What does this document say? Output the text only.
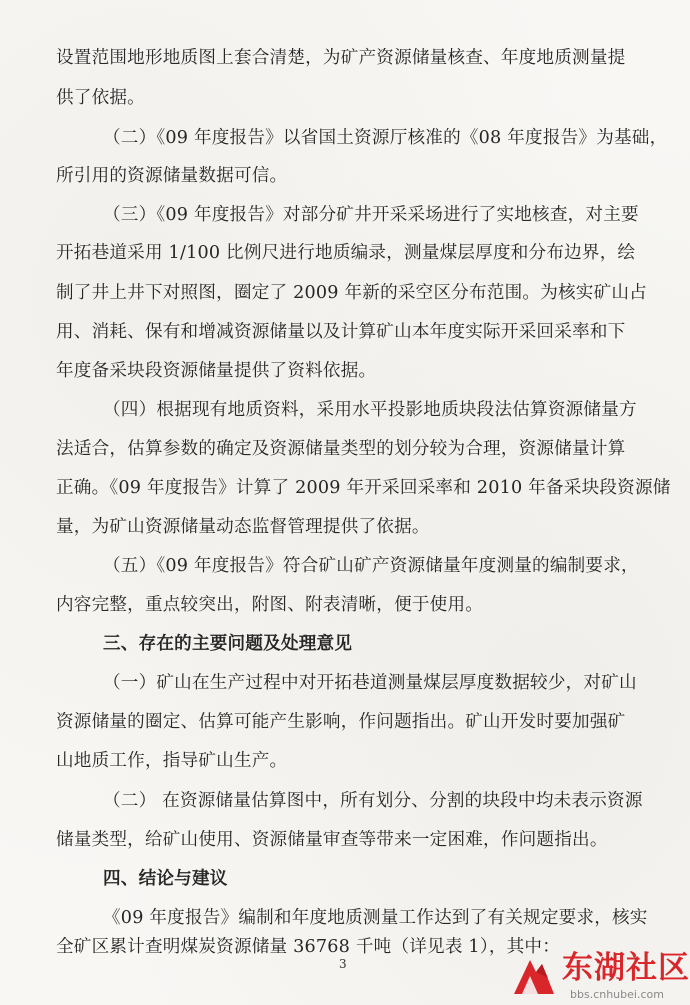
设置范围地形地质图上套合清楚，为矿产资源储量核查、年度地质测量提
供了依据。
（二）《09 年度报告》以省国土资源厅核准的《08 年度报告》为基础，
所引用的资源储量数据可信。
（三）《09 年度报告》对部分矿井开采采场进行了实地核查，对主要
开拓巷道采用 1/100 比例尺进行地质编录，测量煤层厚度和分布边界，绘
制了井上井下对照图，圈定了 2009 年新的采空区分布范围。为核实矿山占
用、消耗、保有和增减资源储量以及计算矿山本年度实际开采回采率和下
年度备采块段资源储量提供了资料依据。
（四）根据现有地质资料，采用水平投影地质块段法估算资源储量方
法适合，估算参数的确定及资源储量类型的划分较为合理，资源储量计算
正确。《09 年度报告》计算了 2009 年开采回采率和 2010 年备采块段资源储
量，为矿山资源储量动态监督管理提供了依据。
（五）《09 年度报告》符合矿山矿产资源储量年度测量的编制要求，
内容完整，重点较突出，附图、附表清晰，便于使用。
三、存在的主要问题及处理意见
（一）矿山在生产过程中对开拓巷道测量煤层厚度数据较少，对矿山
资源储量的圈定、估算可能产生影响，作问题指出。矿山开发时要加强矿
山地质工作，指导矿山生产。
（二） 在资源储量估算图中，所有划分、分割的块段中均未表示资源
储量类型，给矿山使用、资源储量审查等带来一定困难，作问题指出。
四、结论与建议
《09 年度报告》编制和年度地质测量工作达到了有关规定要求，核实
全矿区累计查明煤炭资源储量 36768 千吨（详见表 1），其中：
3	东湖社区
bbs.cnhubei.com
